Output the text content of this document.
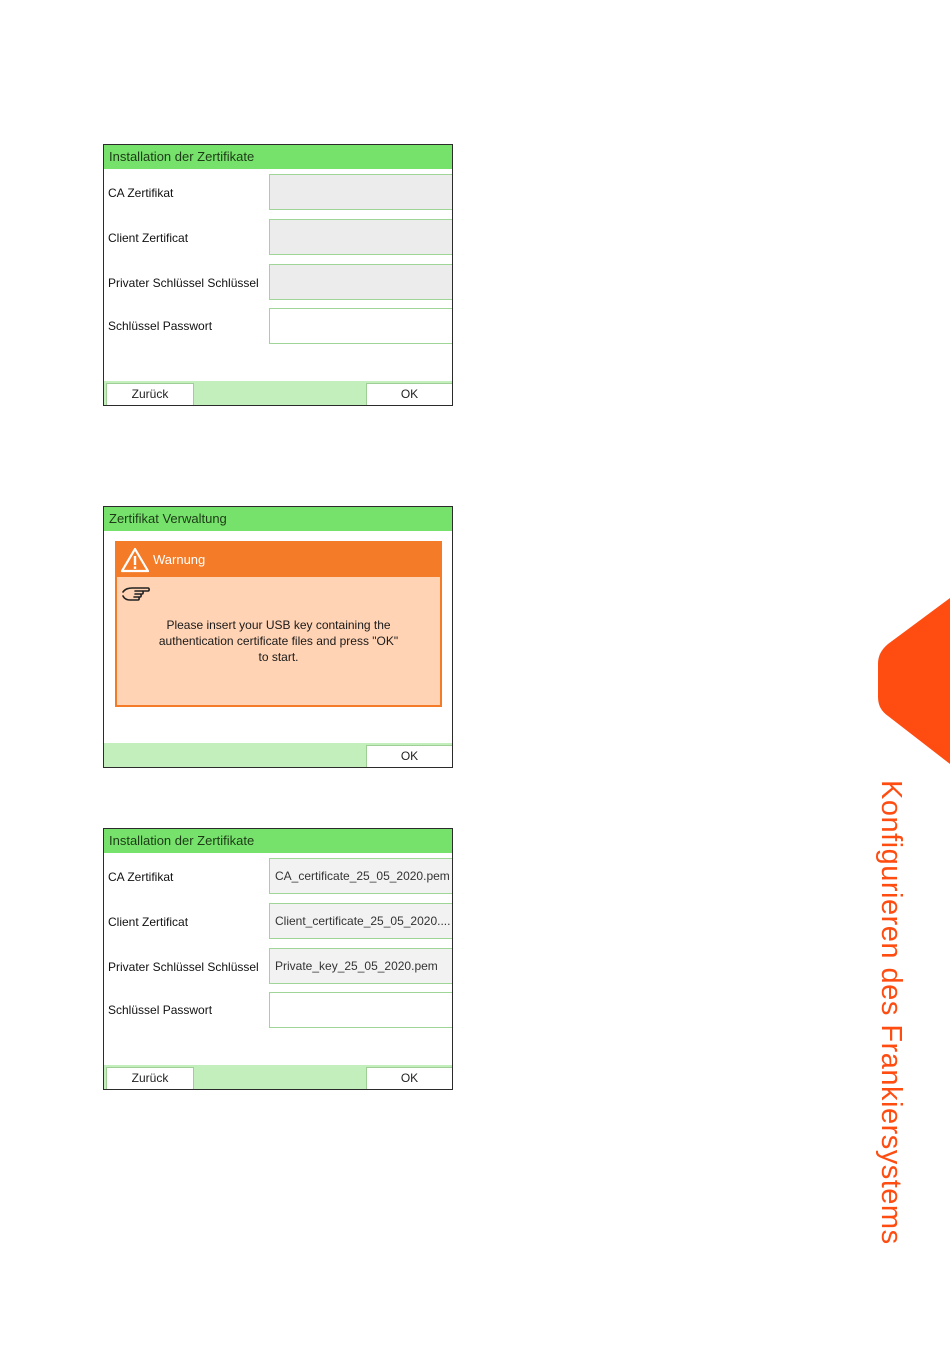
Installation der Zertifikate
CA Zertifikat
Client Zertificat
Privater Schlüssel Schlüssel
Schlüssel Passwort
Zurück	OK
Zertifikat Verwaltung
Warnung
Please insert your USB key containing the
authentication certificate files and press "OK"
to start.
OK
Installation der Zertifikate
CA Zertifikat	CA_certificate_25_05_2020.pem
Client Zertificat	Client_certificate_25_05_2020....
Privater Schlüssel Schlüssel	Private_key_25_05_2020.pem
Schlüssel Passwort
Zurück	OK	Konfigurieren des Frankiersystems
